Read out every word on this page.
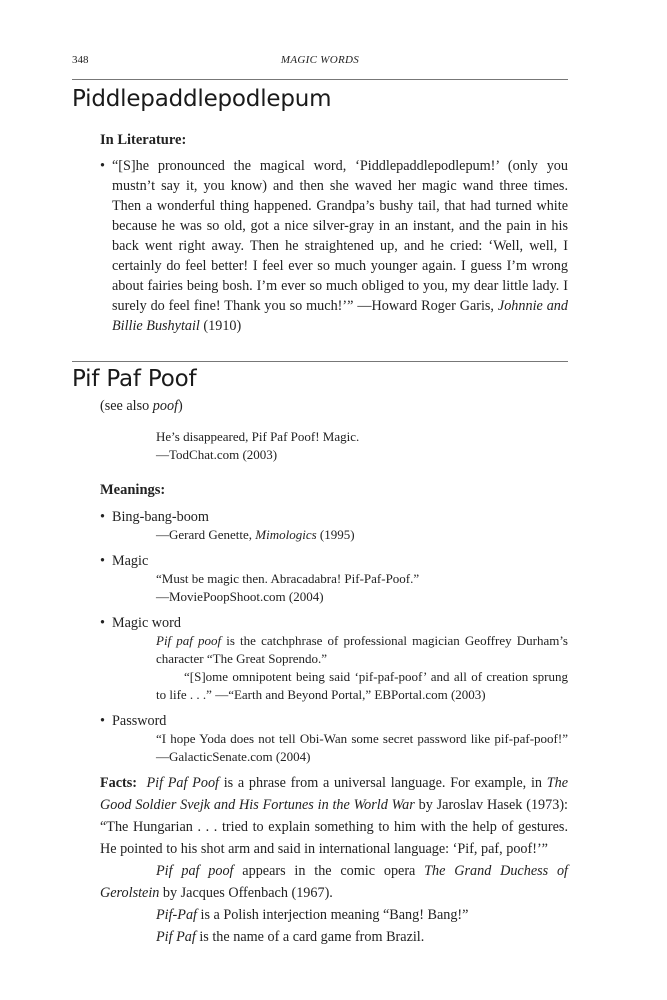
348	MAGIC WORDS
Piddlepaddlepodlepum

In Literature:

• “[S]he pronounced the magical word, ‘Piddlepaddlepodlepum!’ (only you mustn’t say it, you know) and then she waved her magic wand three times. Then a wonderful thing happened. Grandpa’s bushy tail, that had turned white because he was so old, got a nice silver-gray in an instant, and the pain in his back went right away. Then he straightened up, and he cried: ‘Well, well, I certainly do feel better! I feel ever so much younger again. I guess I’m wrong about fairies being bosh. I’m ever so much obliged to you, my dear little lady. I surely do feel fine! Thank you so much!’” —Howard Roger Garis, Johnnie and Billie Bushytail (1910)

Pif Paf Poof
(see also poof)
He’s disappeared, Pif Paf Poof! Magic.
—TodChat.com (2003)

Meanings:

• Bing-bang-boom
—Gerard Genette, Mimologics (1995)
• Magic
“Must be magic then. Abracadabra! Pif-Paf-Poof.”
—MoviePoopShoot.com (2004)
• Magic word
Pif paf poof is the catchphrase of professional magician Geoffrey Durham’s character “The Great Soprendo.”
“[S]ome omnipotent being said ‘pif-paf-poof’ and all of creation sprung to life . . .” —“Earth and Beyond Portal,” EBPortal.com (2003)
• Password
“I hope Yoda does not tell Obi-Wan some secret password like pif-paf-poof!” —GalacticSenate.com (2004)

Facts: Pif Paf Poof is a phrase from a universal language. For example, in The Good Soldier Svejk and His Fortunes in the World War by Jaroslav Hasek (1973): “The Hungarian . . . tried to explain something to him with the help of gestures. He pointed to his shot arm and said in international language: ‘Pif, paf, poof!’”

Pif paf poof appears in the comic opera The Grand Duchess of Gerolstein by Jacques Offenbach (1967).

Pif-Paf is a Polish interjection meaning “Bang! Bang!”

Pif Paf is the name of a card game from Brazil.
